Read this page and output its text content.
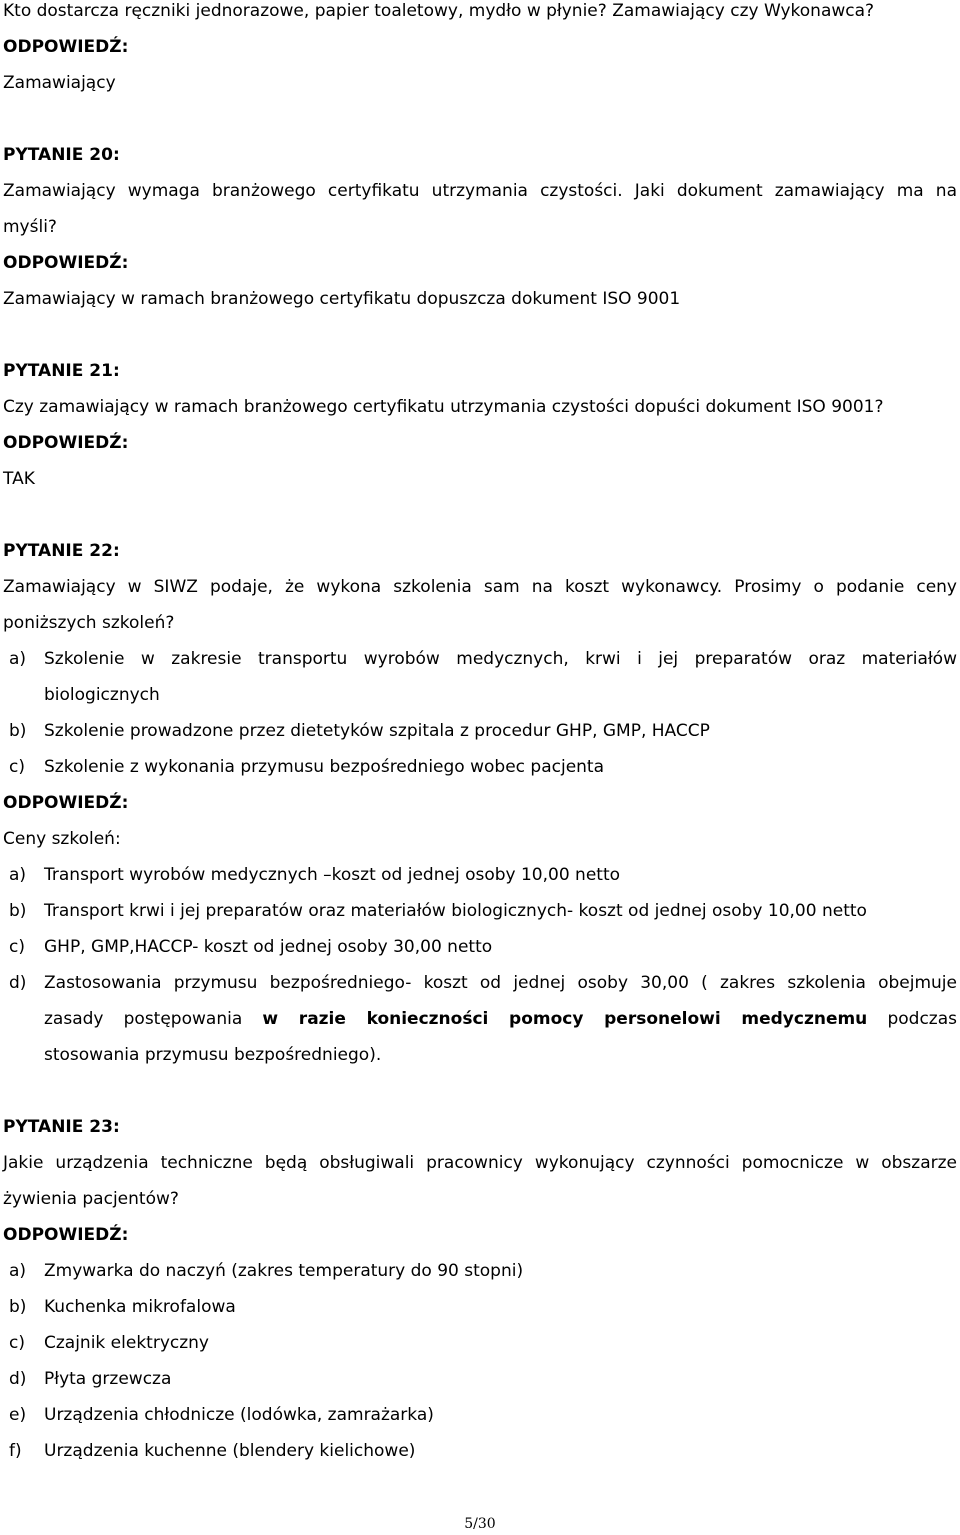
Kto dostarcza ręczniki jednorazowe, papier toaletowy, mydło w płynie? Zamawiający czy Wykonawca?
ODPOWIEDŹ:
Zamawiający
PYTANIE 20:
Zamawiający wymaga branżowego certyfikatu utrzymania czystości. Jaki dokument zamawiający ma na
myśli?
ODPOWIEDŹ:
Zamawiający w ramach branżowego certyfikatu dopuszcza dokument ISO 9001
PYTANIE 21:
Czy zamawiający w ramach branżowego certyfikatu utrzymania czystości dopuści dokument ISO 9001?
ODPOWIEDŹ:
TAK
PYTANIE 22:
Zamawiający w SIWZ podaje, że wykona szkolenia sam na koszt wykonawcy. Prosimy o podanie ceny
poniższych szkoleń?
a) Szkolenie w zakresie transportu wyrobów medycznych, krwi i jej preparatów oraz materiałów
biologicznych
b) Szkolenie prowadzone przez dietetyków szpitala z procedur GHP, GMP, HACCP
c) Szkolenie z wykonania przymusu bezpośredniego wobec pacjenta
ODPOWIEDŹ:
Ceny szkoleń:
a) Transport wyrobów medycznych –koszt od jednej osoby 10,00 netto
b) Transport krwi i jej preparatów oraz materiałów biologicznych- koszt od jednej osoby 10,00 netto
c) GHP, GMP,HACCP- koszt od jednej osoby 30,00 netto
d) Zastosowania przymusu bezpośredniego- koszt od jednej osoby 30,00 ( zakres szkolenia obejmuje
zasady postępowania w razie konieczności pomocy personelowi medycznemu podczas
stosowania przymusu bezpośredniego).
PYTANIE 23:
Jakie urządzenia techniczne będą obsługiwali pracownicy wykonujący czynności pomocnicze w obszarze
żywienia pacjentów?
ODPOWIEDŹ:
a) Zmywarka do naczyń (zakres temperatury do 90 stopni)
b) Kuchenka mikrofalowa
c) Czajnik elektryczny
d) Płyta grzewcza
e) Urządzenia chłodnicze (lodówka, zamrażarka)
f) Urządzenia kuchenne (blendery kielichowe)
5/30
